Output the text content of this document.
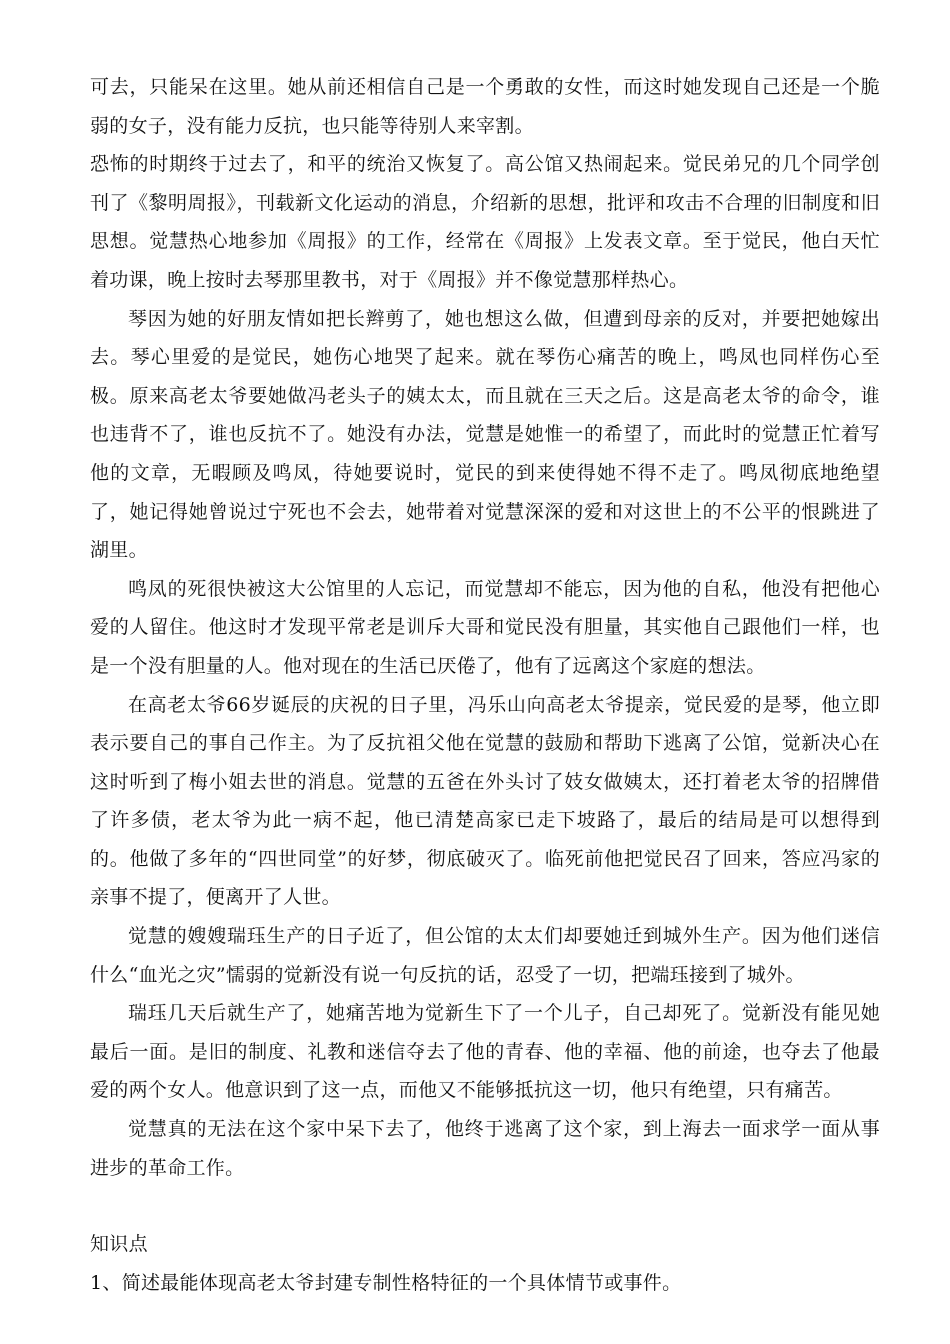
可去，只能呆在这里。她从前还相信自己是一个勇敢的女性，而这时她发现自己还是一个脆弱的女子，没有能力反抗，也只能等待别人来宰割。

恐怖的时期终于过去了，和平的统治又恢复了。高公馆又热闹起来。觉民弟兄的几个同学创刊了《黎明周报》，刊载新文化运动的消息，介绍新的思想，批评和攻击不合理的旧制度和旧思想。觉慧热心地参加《周报》的工作，经常在《周报》上发表文章。至于觉民，他白天忙着功课，晚上按时去琴那里教书，对于《周报》并不像觉慧那样热心。

琴因为她的好朋友情如把长辫剪了，她也想这么做，但遭到母亲的反对，并要把她嫁出去。琴心里爱的是觉民，她伤心地哭了起来。就在琴伤心痛苦的晚上，鸣凤也同样伤心至极。原来高老太爷要她做冯老头子的姨太太，而且就在三天之后。这是高老太爷的命令，谁也违背不了，谁也反抗不了。她没有办法，觉慧是她惟一的希望了，而此时的觉慧正忙着写他的文章，无暇顾及鸣凤，待她要说时，觉民的到来使得她不得不走了。鸣凤彻底地绝望了，她记得她曾说过宁死也不会去，她带着对觉慧深深的爱和对这世上的不公平的恨跳进了湖里。

鸣凤的死很快被这大公馆里的人忘记，而觉慧却不能忘，因为他的自私，他没有把他心爱的人留住。他这时才发现平常老是训斥大哥和觉民没有胆量，其实他自己跟他们一样，也是一个没有胆量的人。他对现在的生活已厌倦了，他有了远离这个家庭的想法。

在高老太爷66岁诞辰的庆祝的日子里，冯乐山向高老太爷提亲，觉民爱的是琴，他立即表示要自己的事自己作主。为了反抗祖父他在觉慧的鼓励和帮助下逃离了公馆，觉新决心在这时听到了梅小姐去世的消息。觉慧的五爸在外头讨了妓女做姨太，还打着老太爷的招牌借了许多债，老太爷为此一病不起，他已清楚高家已走下坡路了，最后的结局是可以想得到的。他做了多年的“四世同堂”的好梦，彻底破灭了。临死前他把觉民召了回来，答应冯家的亲事不提了，便离开了人世。

觉慧的嫂嫂瑞珏生产的日子近了，但公馆的太太们却要她迁到城外生产。因为他们迷信什么“血光之灾”懦弱的觉新没有说一句反抗的话，忍受了一切，把端珏接到了城外。

瑞珏几天后就生产了，她痛苦地为觉新生下了一个儿子，自己却死了。觉新没有能见她最后一面。是旧的制度、礼教和迷信夺去了他的青春、他的幸福、他的前途，也夺去了他最爱的两个女人。他意识到了这一点，而他又不能够抵抗这一切，他只有绝望，只有痛苦。

觉慧真的无法在这个家中呆下去了，他终于逃离了这个家，到上海去一面求学一面从事进步的革命工作。

知识点

1、简述最能体现高老太爷封建专制性格特征的一个具体情节或事件。
